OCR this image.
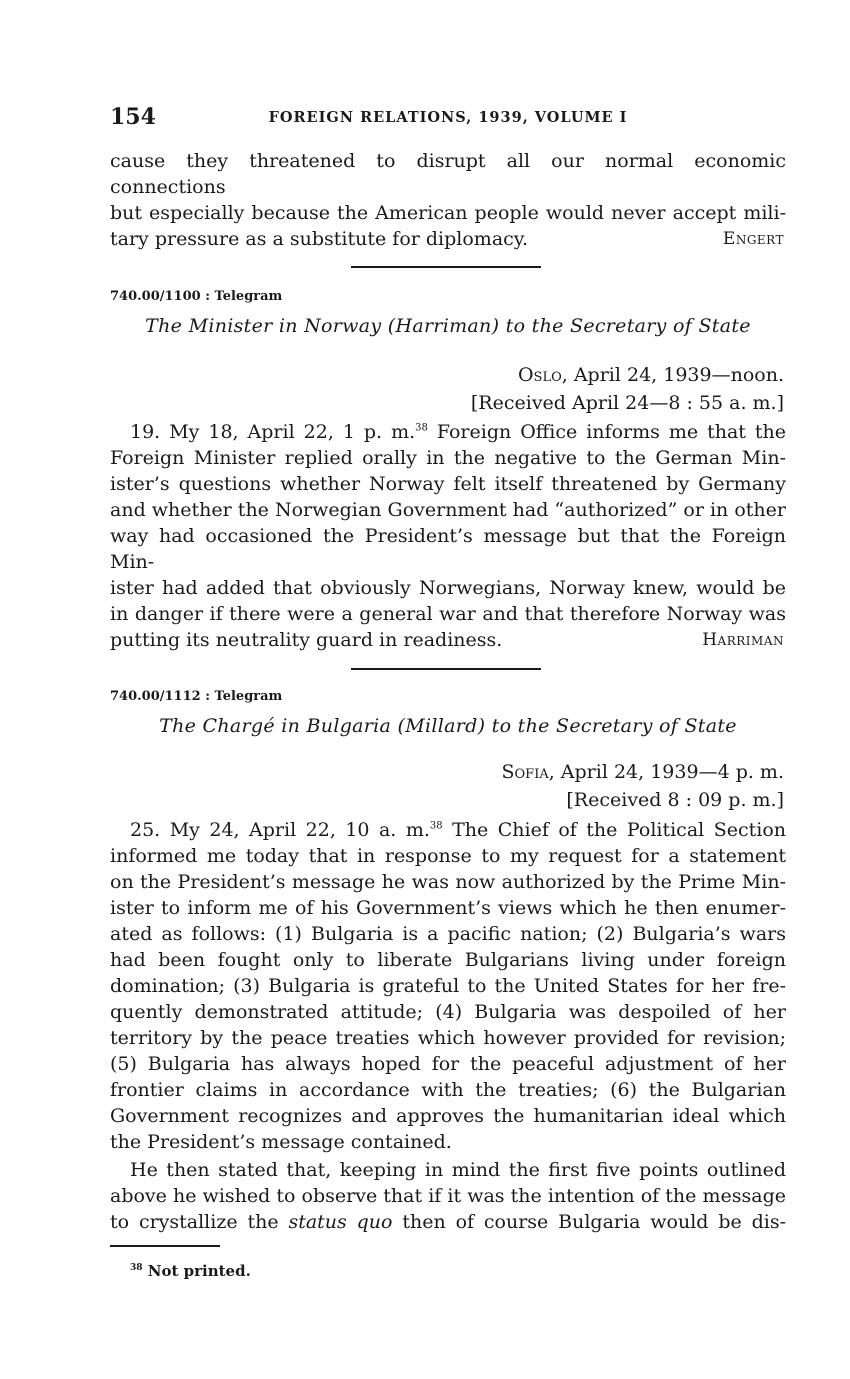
154	FOREIGN RELATIONS, 1939, VOLUME I
cause they threatened to disrupt all our normal economic connections
but especially because the American people would never accept mili-
tary pressure as a substitute for diplomacy.	Engert
740.00/1100 : Telegram
The Minister in Norway (Harriman) to the Secretary of State
Oslo, April 24, 1939—noon.
[Received April 24—8 : 55 a. m.]
19. My 18, April 22, 1 p. m.$^{38}$ Foreign Office informs me that the
Foreign Minister replied orally in the negative to the German Min-
ister’s questions whether Norway felt itself threatened by Germany
and whether the Norwegian Government had “authorized” or in other
way had occasioned the President’s message but that the Foreign Min-
ister had added that obviously Norwegians, Norway knew, would be
in danger if there were a general war and that therefore Norway was
putting its neutrality guard in readiness.	Harriman
740.00/1112 : Telegram
The Chargé in Bulgaria (Millard) to the Secretary of State
Sofia, April 24, 1939—4 p. m.
[Received 8 : 09 p. m.]
25. My 24, April 22, 10 a. m.$^{38}$ The Chief of the Political Section
informed me today that in response to my request for a statement
on the President’s message he was now authorized by the Prime Min-
ister to inform me of his Government’s views which he then enumer-
ated as follows: (1) Bulgaria is a pacific nation; (2) Bulgaria’s wars
had been fought only to liberate Bulgarians living under foreign
domination; (3) Bulgaria is grateful to the United States for her fre-
quently demonstrated attitude; (4) Bulgaria was despoiled of her
territory by the peace treaties which however provided for revision;
(5) Bulgaria has always hoped for the peaceful adjustment of her
frontier claims in accordance with the treaties; (6) the Bulgarian
Government recognizes and approves the humanitarian ideal which
the President’s message contained.
He then stated that, keeping in mind the first five points outlined
above he wished to observe that if it was the intention of the message
to crystallize the status quo then of course Bulgaria would be dis-
$^{38}$ Not printed.
